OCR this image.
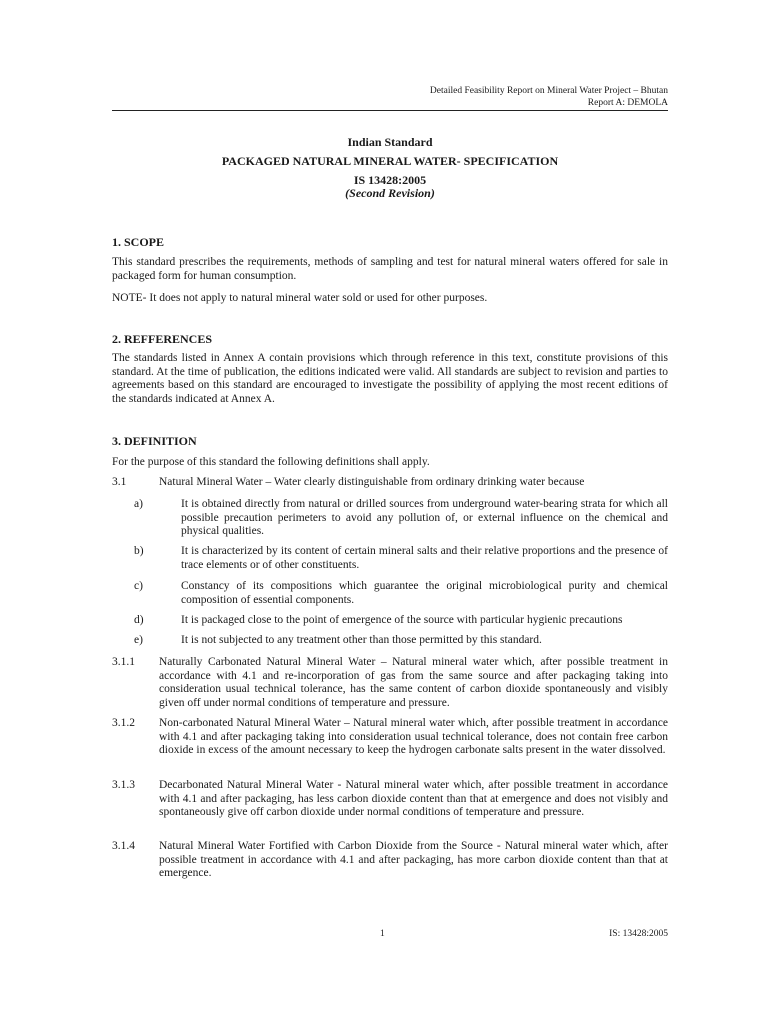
Detailed Feasibility Report on Mineral Water Project – Bhutan
Report A: DEMOLA
Indian Standard
PACKAGED NATURAL MINERAL WATER- SPECIFICATION
IS 13428:2005
(Second Revision)
1. SCOPE

This standard prescribes the requirements, methods of sampling and test for natural mineral waters offered for sale in packaged form for human consumption.

NOTE- It does not apply to natural mineral water sold or used for other purposes.

2. REFFERENCES

The standards listed in Annex A contain provisions which through reference in this text, constitute provisions of this standard. At the time of publication, the editions indicated were valid. All standards are subject to revision and parties to agreements based on this standard are encouraged to investigate the possibility of applying the most recent editions of the standards indicated at Annex A.

3. DEFINITION

For the purpose of this standard the following definitions shall apply.

3.1	Natural Mineral Water – Water clearly distinguishable from ordinary drinking water because
a)	It is obtained directly from natural or drilled sources from underground water-bearing strata for which all possible precaution perimeters to avoid any pollution of, or external influence on the chemical and physical qualities.
b)	It is characterized by its content of certain mineral salts and their relative proportions and the presence of trace elements or of other constituents.
c)	Constancy of its compositions which guarantee the original microbiological purity and chemical composition of essential components.
d)	It is packaged close to the point of emergence of the source with particular hygienic precautions
e)	It is not subjected to any treatment other than those permitted by this standard.
3.1.1 Naturally Carbonated Natural Mineral Water – Natural mineral water which, after possible treatment in accordance with 4.1 and re-incorporation of gas from the same source and after packaging taking into consideration usual technical tolerance, has the same content of carbon dioxide spontaneously and visibly given off under normal conditions of temperature and pressure.
3.1.2 Non-carbonated Natural Mineral Water – Natural mineral water which, after possible treatment in accordance with 4.1 and after packaging taking into consideration usual technical tolerance, does not contain free carbon dioxide in excess of the amount necessary to keep the hydrogen carbonate salts present in the water dissolved.
3.1.3 Decarbonated Natural Mineral Water - Natural mineral water which, after possible treatment in accordance with 4.1 and after packaging, has less carbon dioxide content than that at emergence and does not visibly and spontaneously give off carbon dioxide under normal conditions of temperature and pressure.
3.1.4 Natural Mineral Water Fortified with Carbon Dioxide from the Source - Natural mineral water which, after possible treatment in accordance with 4.1 and after packaging, has more carbon dioxide content than that at emergence.
1	IS: 13428:2005
